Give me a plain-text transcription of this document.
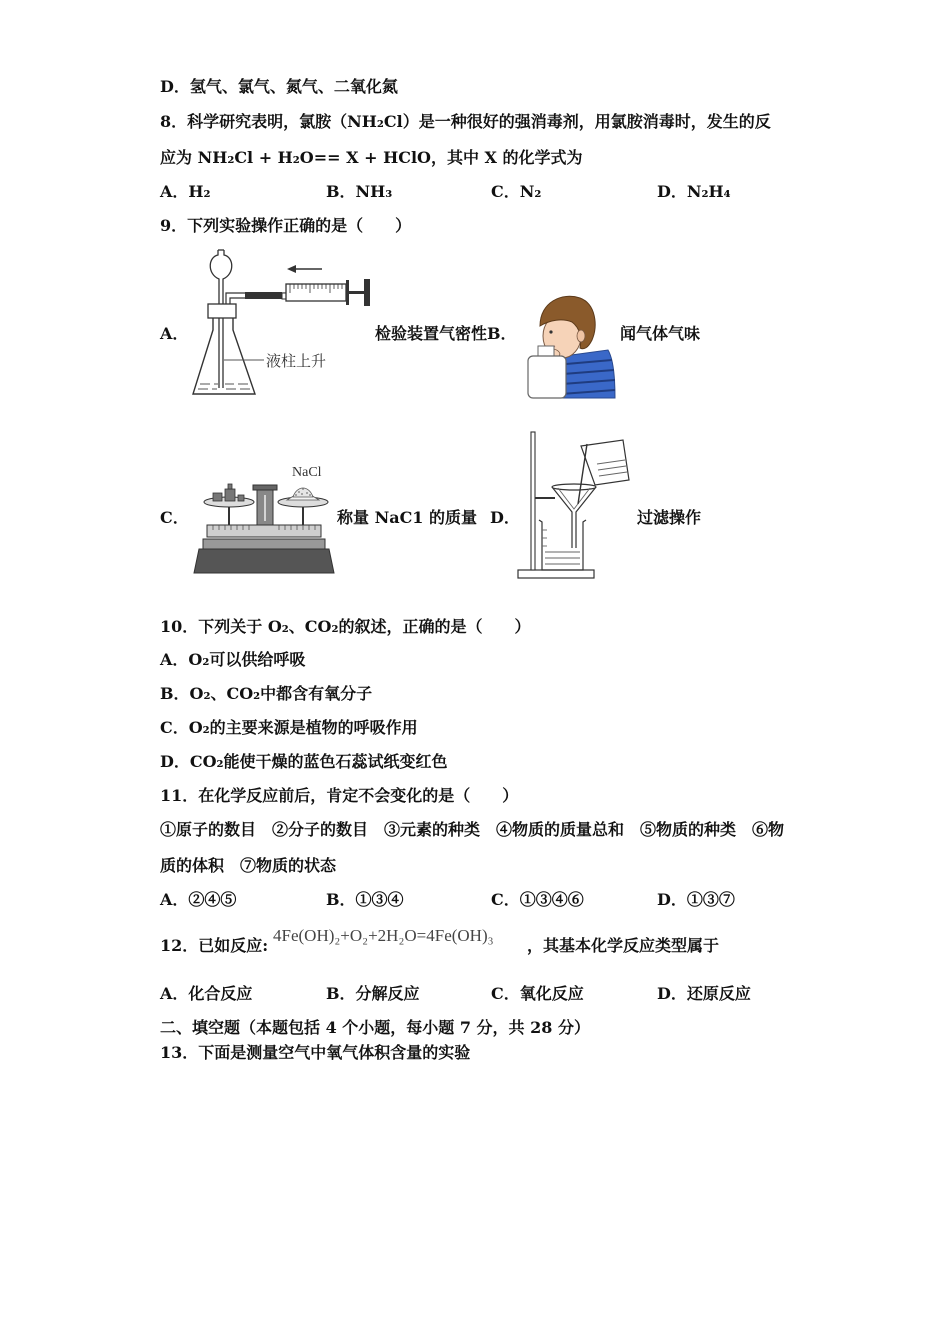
D．氢气、氯气、氮气、二氧化氮
8．科学研究表明，氯胺（NH₂Cl）是一种很好的强消毒剂，用氯胺消毒时，发生的反
应为 NH₂Cl + H₂O== X + HClO，其中 X 的化学式为
A．H₂	B．NH₃	C．N₂	D．N₂H₄
9．下列实验操作正确的是（　　）
A．
液柱上升
检验装置气密性B．	闻气体气味
C．
NaCl
称量 NaC1 的质量 D．	过滤操作
10．下列关于 O₂、CO₂的叙述，正确的是（　　）
A．O₂可以供给呼吸
B．O₂、CO₂中都含有氧分子
C．O₂的主要来源是植物的呼吸作用
D．CO₂能使干燥的蓝色石蕊试纸变红色
11．在化学反应前后，肯定不会变化的是（　　）
①原子的数目　②分子的数目　③元素的种类　④物质的质量总和　⑤物质的种类　⑥物
质的体积　⑦物质的状态
A．②④⑤	B．①③④	C．①③④⑥	D．①③⑦
12．已如反应:
4Fe(OH)₂+O₂+2H₂O=4Fe(OH)₃
，其基本化学反应类型属于
A．化合反应	B．分解反应	C．氧化反应	D．还原反应
二、填空题（本题包括 4 个小题，每小题 7 分，共 28 分）
13．下面是测量空气中氧气体积含量的实验
